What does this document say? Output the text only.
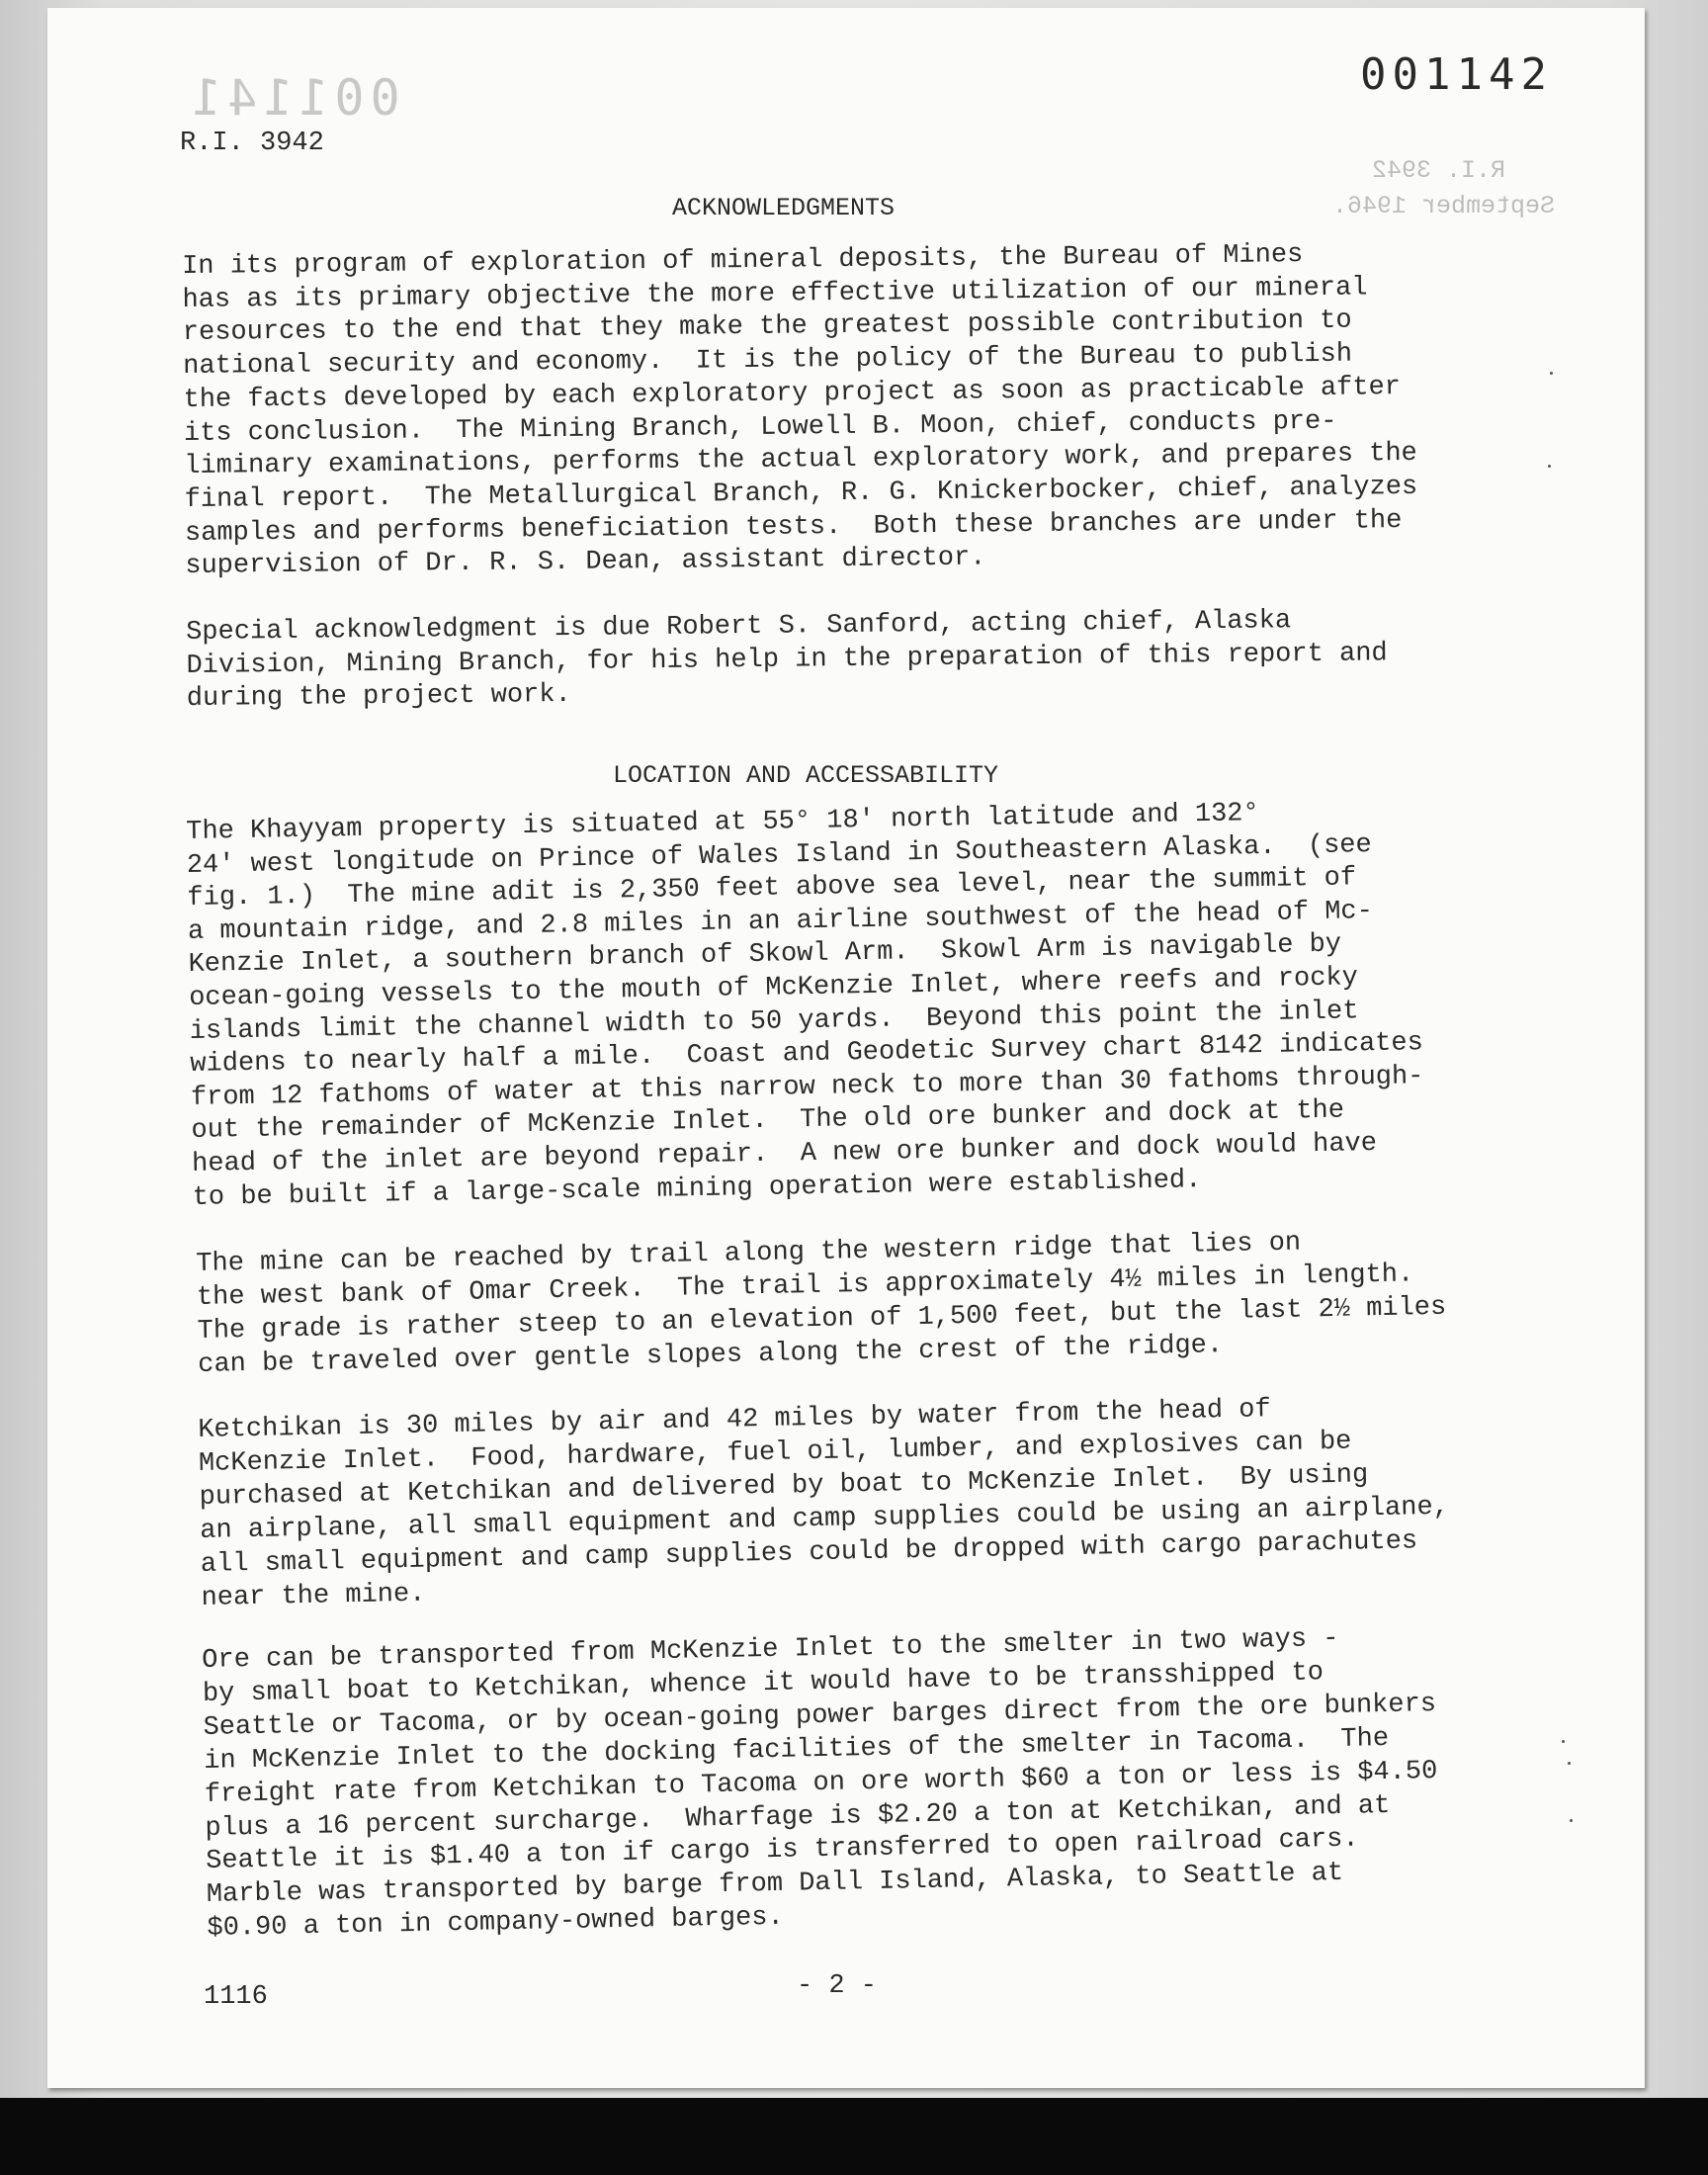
001141
R.I. 3942
September 1946.
001142
R.I. 3942
ACKNOWLEDGMENTS
In its program of exploration of mineral deposits, the Bureau of Mines
has as its primary objective the more effective utilization of our mineral
resources to the end that they make the greatest possible contribution to
national security and economy.  It is the policy of the Bureau to publish
the facts developed by each exploratory project as soon as practicable after
its conclusion.  The Mining Branch, Lowell B. Moon, chief, conducts pre-
liminary examinations, performs the actual exploratory work, and prepares the
final report.  The Metallurgical Branch, R. G. Knickerbocker, chief, analyzes
samples and performs beneficiation tests.  Both these branches are under the
supervision of Dr. R. S. Dean, assistant director.
Special acknowledgment is due Robert S. Sanford, acting chief, Alaska
Division, Mining Branch, for his help in the preparation of this report and
during the project work.
LOCATION AND ACCESSABILITY
The Khayyam property is situated at 55° 18' north latitude and 132°
24' west longitude on Prince of Wales Island in Southeastern Alaska.  (see
fig. 1.)  The mine adit is 2,350 feet above sea level, near the summit of
a mountain ridge, and 2.8 miles in an airline southwest of the head of Mc-
Kenzie Inlet, a southern branch of Skowl Arm.  Skowl Arm is navigable by
ocean-going vessels to the mouth of McKenzie Inlet, where reefs and rocky
islands limit the channel width to 50 yards.  Beyond this point the inlet
widens to nearly half a mile.  Coast and Geodetic Survey chart 8142 indicates
from 12 fathoms of water at this narrow neck to more than 30 fathoms through-
out the remainder of McKenzie Inlet.  The old ore bunker and dock at the
head of the inlet are beyond repair.  A new ore bunker and dock would have
to be built if a large-scale mining operation were established.
The mine can be reached by trail along the western ridge that lies on
the west bank of Omar Creek.  The trail is approximately 4½ miles in length.
The grade is rather steep to an elevation of 1,500 feet, but the last 2½ miles
can be traveled over gentle slopes along the crest of the ridge.
Ketchikan is 30 miles by air and 42 miles by water from the head of
McKenzie Inlet.  Food, hardware, fuel oil, lumber, and explosives can be
purchased at Ketchikan and delivered by boat to McKenzie Inlet.  By using
an airplane, all small equipment and camp supplies could be using an airplane,
all small equipment and camp supplies could be dropped with cargo parachutes
near the mine.
Ore can be transported from McKenzie Inlet to the smelter in two ways -
by small boat to Ketchikan, whence it would have to be transshipped to
Seattle or Tacoma, or by ocean-going power barges direct from the ore bunkers
in McKenzie Inlet to the docking facilities of the smelter in Tacoma.  The
freight rate from Ketchikan to Tacoma on ore worth $60 a ton or less is $4.50
plus a 16 percent surcharge.  Wharfage is $2.20 a ton at Ketchikan, and at
Seattle it is $1.40 a ton if cargo is transferred to open railroad cars.
Marble was transported by barge from Dall Island, Alaska, to Seattle at
$0.90 a ton in company-owned barges.
1116	- 2 -
